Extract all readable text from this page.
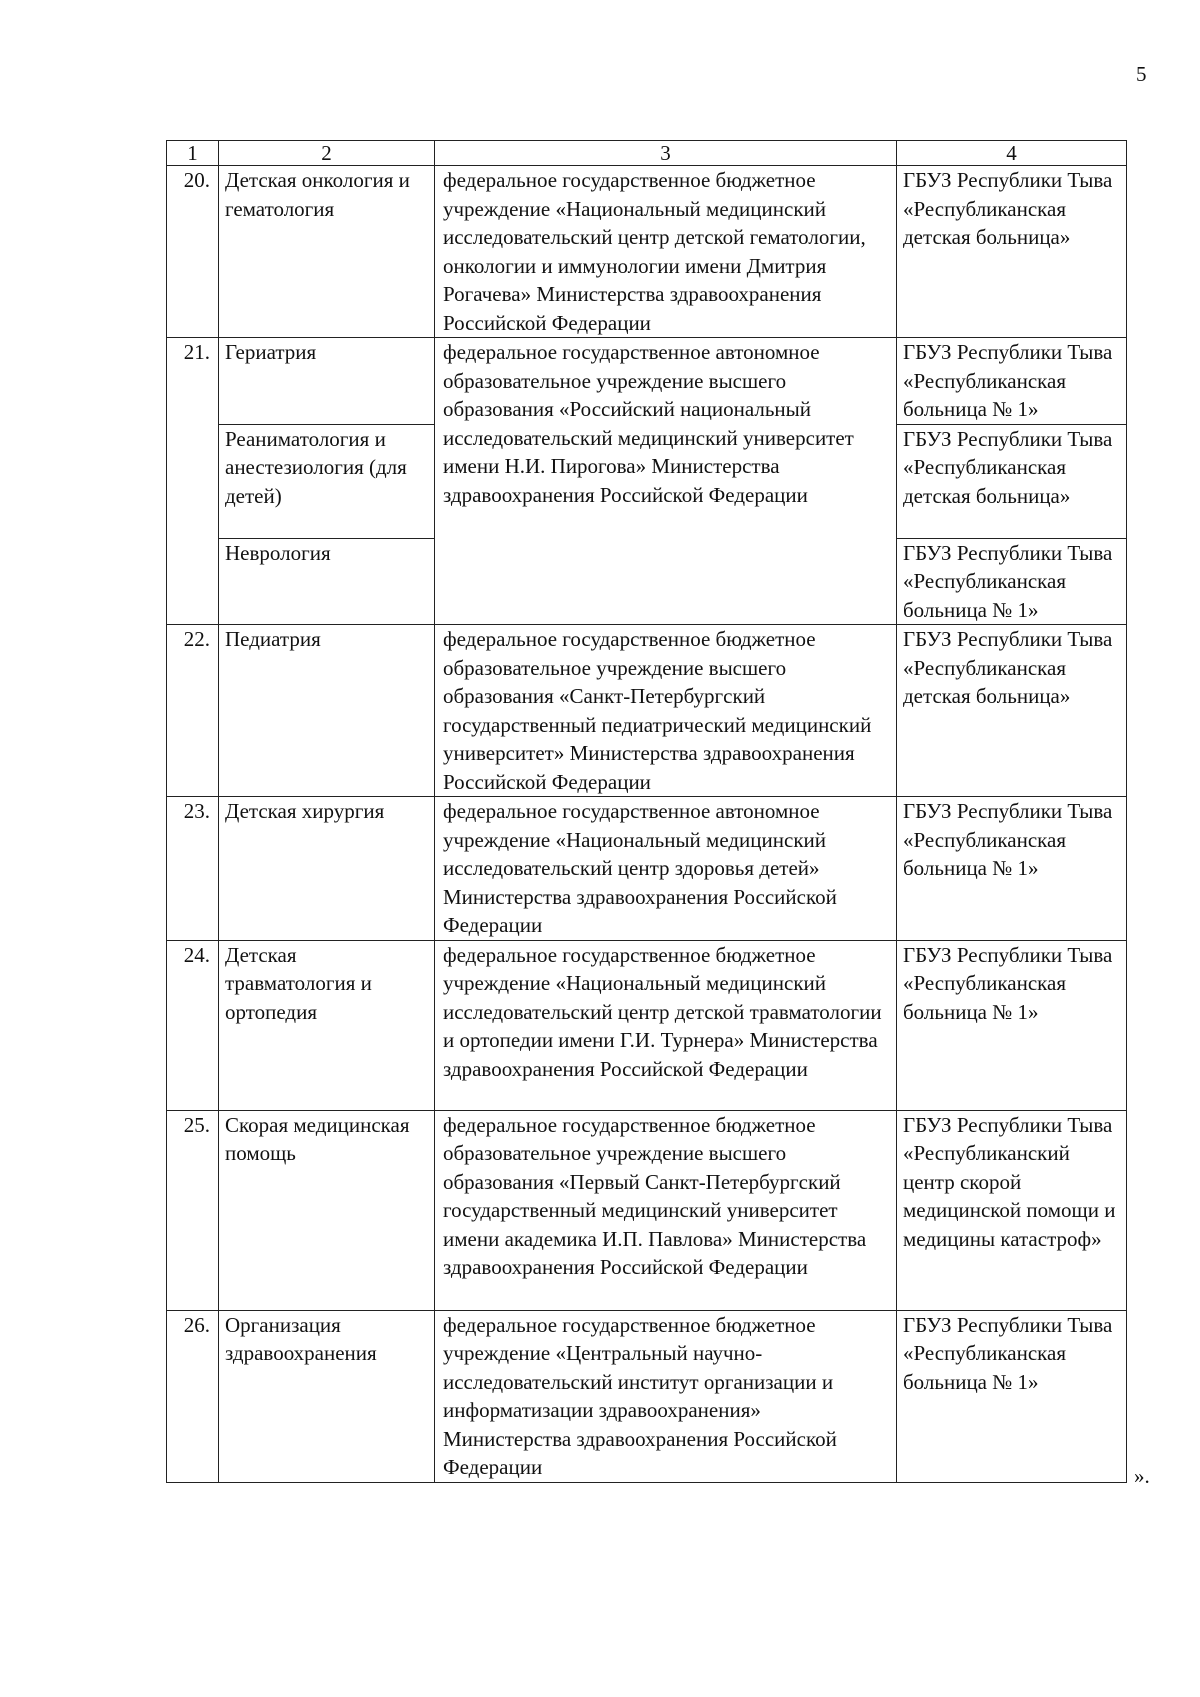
5
1	2	3	4
20.	Детская онкология и гематология	федеральное государственное бюджетное учреждение «Национальный медицинский исследовательский центр детской гематологии, онкологии и иммунологии имени Дмитрия Рогачева» Министерства здравоохранения Российской Федерации	ГБУЗ Республики Тыва «Республиканская детская больница»
21.	Гериатрия	федеральное государственное автономное образовательное учреждение высшего образования «Российский национальный исследовательский медицинский университет имени Н.И. Пирогова» Министерства здравоохранения Российской Федерации	ГБУЗ Республики Тыва «Республиканская больница № 1»
	Реаниматология и анестезиология (для детей)		ГБУЗ Республики Тыва «Республиканская детская больница»
	Неврология		ГБУЗ Республики Тыва «Республиканская больница № 1»
22.	Педиатрия	федеральное государственное бюджетное образовательное учреждение высшего образования «Санкт-Петербургский государственный педиатрический медицинский университет» Министерства здравоохранения Российской Федерации	ГБУЗ Республики Тыва «Республиканская детская больница»
23.	Детская хирургия	федеральное государственное автономное учреждение «Национальный медицинский исследовательский центр здоровья детей» Министерства здравоохранения Российской Федерации	ГБУЗ Республики Тыва «Республиканская больница № 1»
24.	Детская травматология и ортопедия	федеральное государственное бюджетное учреждение «Национальный медицинский исследовательский центр детской травматологии и ортопедии имени Г.И. Турнера» Министерства здравоохранения Российской Федерации	ГБУЗ Республики Тыва «Республиканская больница № 1»
25.	Скорая медицинская помощь	федеральное государственное бюджетное образовательное учреждение высшего образования «Первый Санкт-Петербургский государственный медицинский университет имени академика И.П. Павлова» Министерства здравоохранения Российской Федерации	ГБУЗ Республики Тыва «Республиканский центр скорой медицинской помощи и медицины катастроф»
26.	Организация здравоохранения	федеральное государственное бюджетное учреждение «Центральный научно- исследовательский институт организации и информатизации здравоохранения» Министерства здравоохранения Российской Федерации	ГБУЗ Республики Тыва «Республиканская больница № 1»
».
